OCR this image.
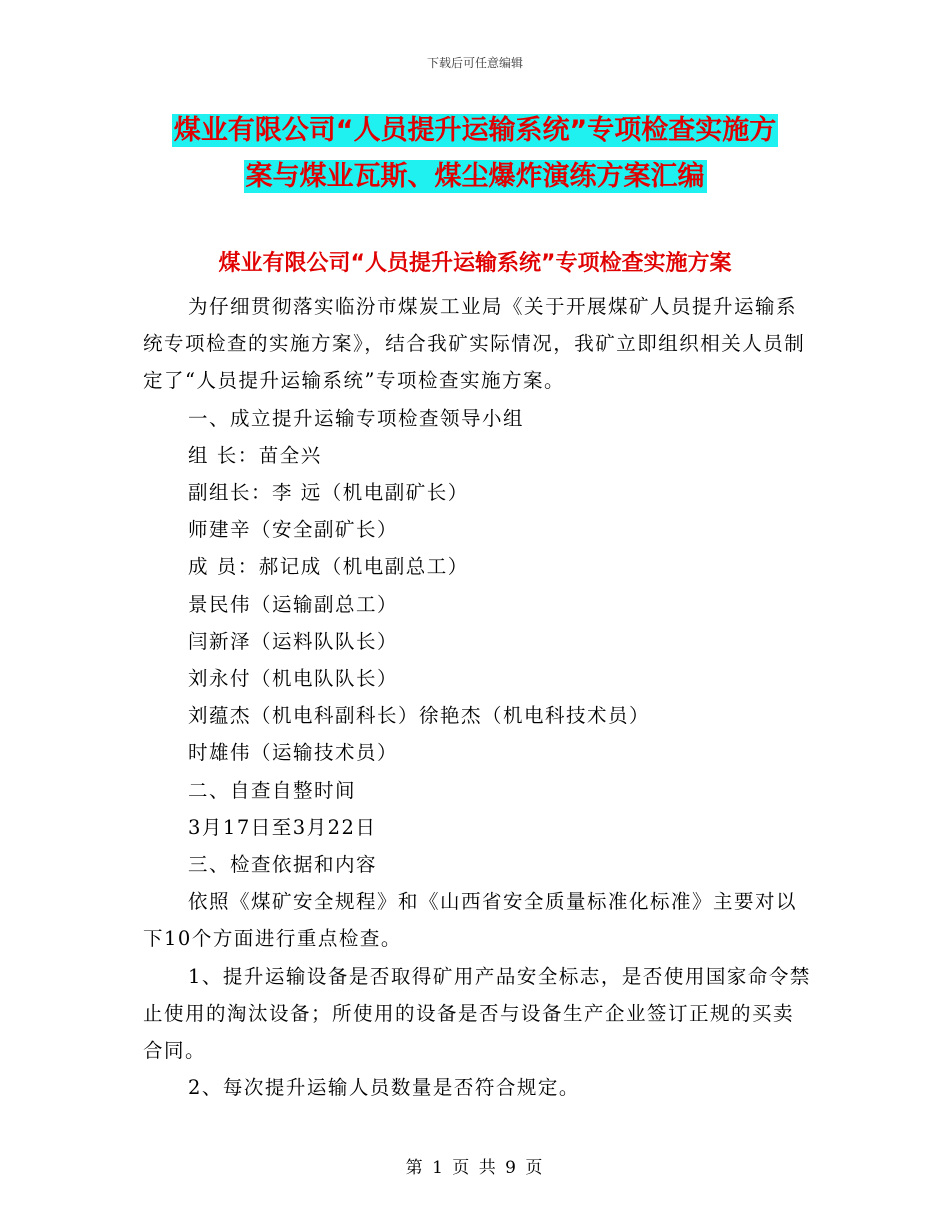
下载后可任意编辑
煤业有限公司“人员提升运输系统”专项检查实施方
案与煤业瓦斯、煤尘爆炸演练方案汇编
煤业有限公司“人员提升运输系统”专项检查实施方案

为仔细贯彻落实临汾市煤炭工业局《关于开展煤矿人员提升运输系统专项检查的实施方案》，结合我矿实际情况，我矿立即组织相关人员制定了“人员提升运输系统”专项检查实施方案。

一、成立提升运输专项检查领导小组

组 长：苗全兴

副组长：李 远（机电副矿长）

师建辛（安全副矿长）

成 员：郝记成（机电副总工）

景民伟（运输副总工）

闫新泽（运料队队长）

刘永付（机电队队长）

刘蕴杰（机电科副科长）徐艳杰（机电科技术员）

时雄伟（运输技术员）

二、自查自整时间

3月17日至3月22日

三、检查依据和内容

依照《煤矿安全规程》和《山西省安全质量标准化标准》主要对以下10个方面进行重点检查。

1、提升运输设备是否取得矿用产品安全标志，是否使用国家命令禁止使用的淘汰设备；所使用的设备是否与设备生产企业签订正规的买卖合同。

2、每次提升运输人员数量是否符合规定。

第 1 页 共 9 页
